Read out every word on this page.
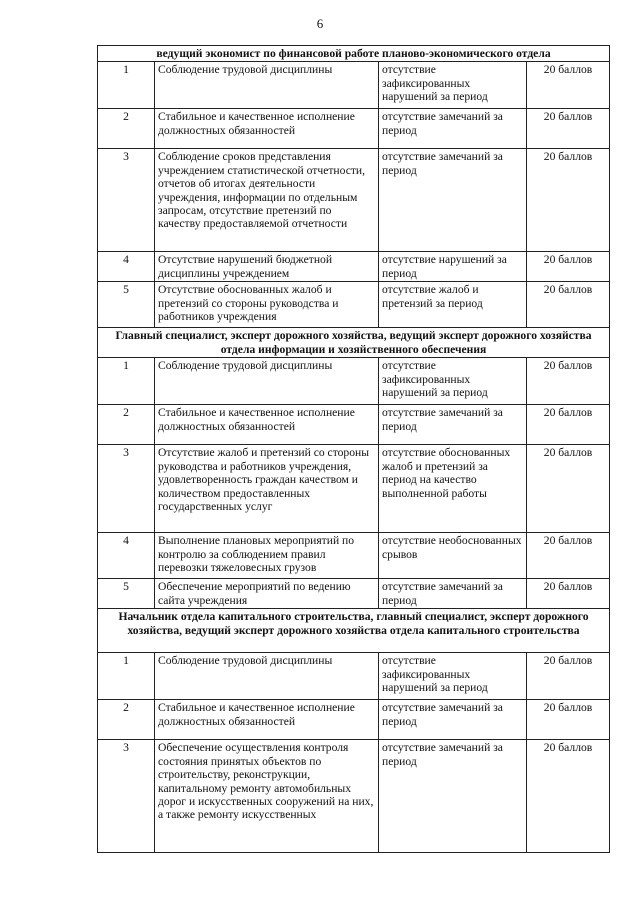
6
ведущий экономист по финансовой работе планово-экономического отдела			
1	Соблюдение трудовой дисциплины	отсутствие зафиксированных нарушений за период	20 баллов
2	Стабильное и качественное исполнение должностных обязанностей	отсутствие замечаний за период	20 баллов
3	Соблюдение сроков представления учреждением статистической отчетности, отчетов об итогах деятельности учреждения, информации по отдельным запросам, отсутствие претензий по качеству предоставляемой отчетности	отсутствие замечаний за период	20 баллов
4	Отсутствие нарушений бюджетной дисциплины учреждением	отсутствие нарушений за период	20 баллов
5	Отсутствие обоснованных жалоб и претензий со стороны руководства и работников учреждения	отсутствие жалоб и претензий за период	20 баллов
Главный специалист, эксперт дорожного хозяйства, ведущий эксперт дорожного хозяйства отдела информации и хозяйственного обеспечения			
1	Соблюдение трудовой дисциплины	отсутствие зафиксированных нарушений за период	20 баллов
2	Стабильное и качественное исполнение должностных обязанностей	отсутствие замечаний за период	20 баллов
3	Отсутствие жалоб и претензий со стороны руководства и работников учреждения, удовлетворенность граждан качеством и количеством предоставленных государственных услуг	отсутствие обоснованных жалоб и претензий за период на качество выполненной работы	20 баллов
4	Выполнение плановых мероприятий по контролю за соблюдением правил перевозки тяжеловесных грузов	отсутствие необоснованных срывов	20 баллов
5	Обеспечение мероприятий по ведению сайта учреждения	отсутствие замечаний за период	20 баллов
Начальник отдела капитального строительства, главный специалист, эксперт дорожного хозяйства, ведущий эксперт дорожного хозяйства отдела капитального строительства			
1	Соблюдение трудовой дисциплины	отсутствие зафиксированных нарушений за период	20 баллов
2	Стабильное и качественное исполнение должностных обязанностей	отсутствие замечаний за период	20 баллов
3	Обеспечение осуществления контроля состояния принятых объектов по строительству, реконструкции, капитальному ремонту автомобильных дорог и искусственных сооружений на них, а также ремонту искусственных	отсутствие замечаний за период	20 баллов
